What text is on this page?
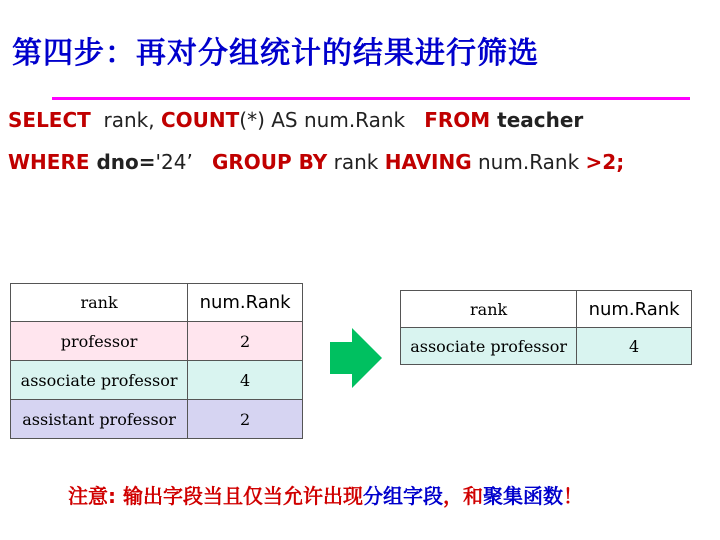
第四步：再对分组统计的结果进行筛选
SELECT  rank, COUNT(*) AS num.Rank   FROM teacher
WHERE dno='24’ GROUP BY rank HAVING num.Rank >2;
rank	num.Rank
professor	2
associate professor	4
assistant professor	2
rank	num.Rank
associate professor	4
注意: 输出字段当且仅当允许出现分组字段，和聚集函数！
